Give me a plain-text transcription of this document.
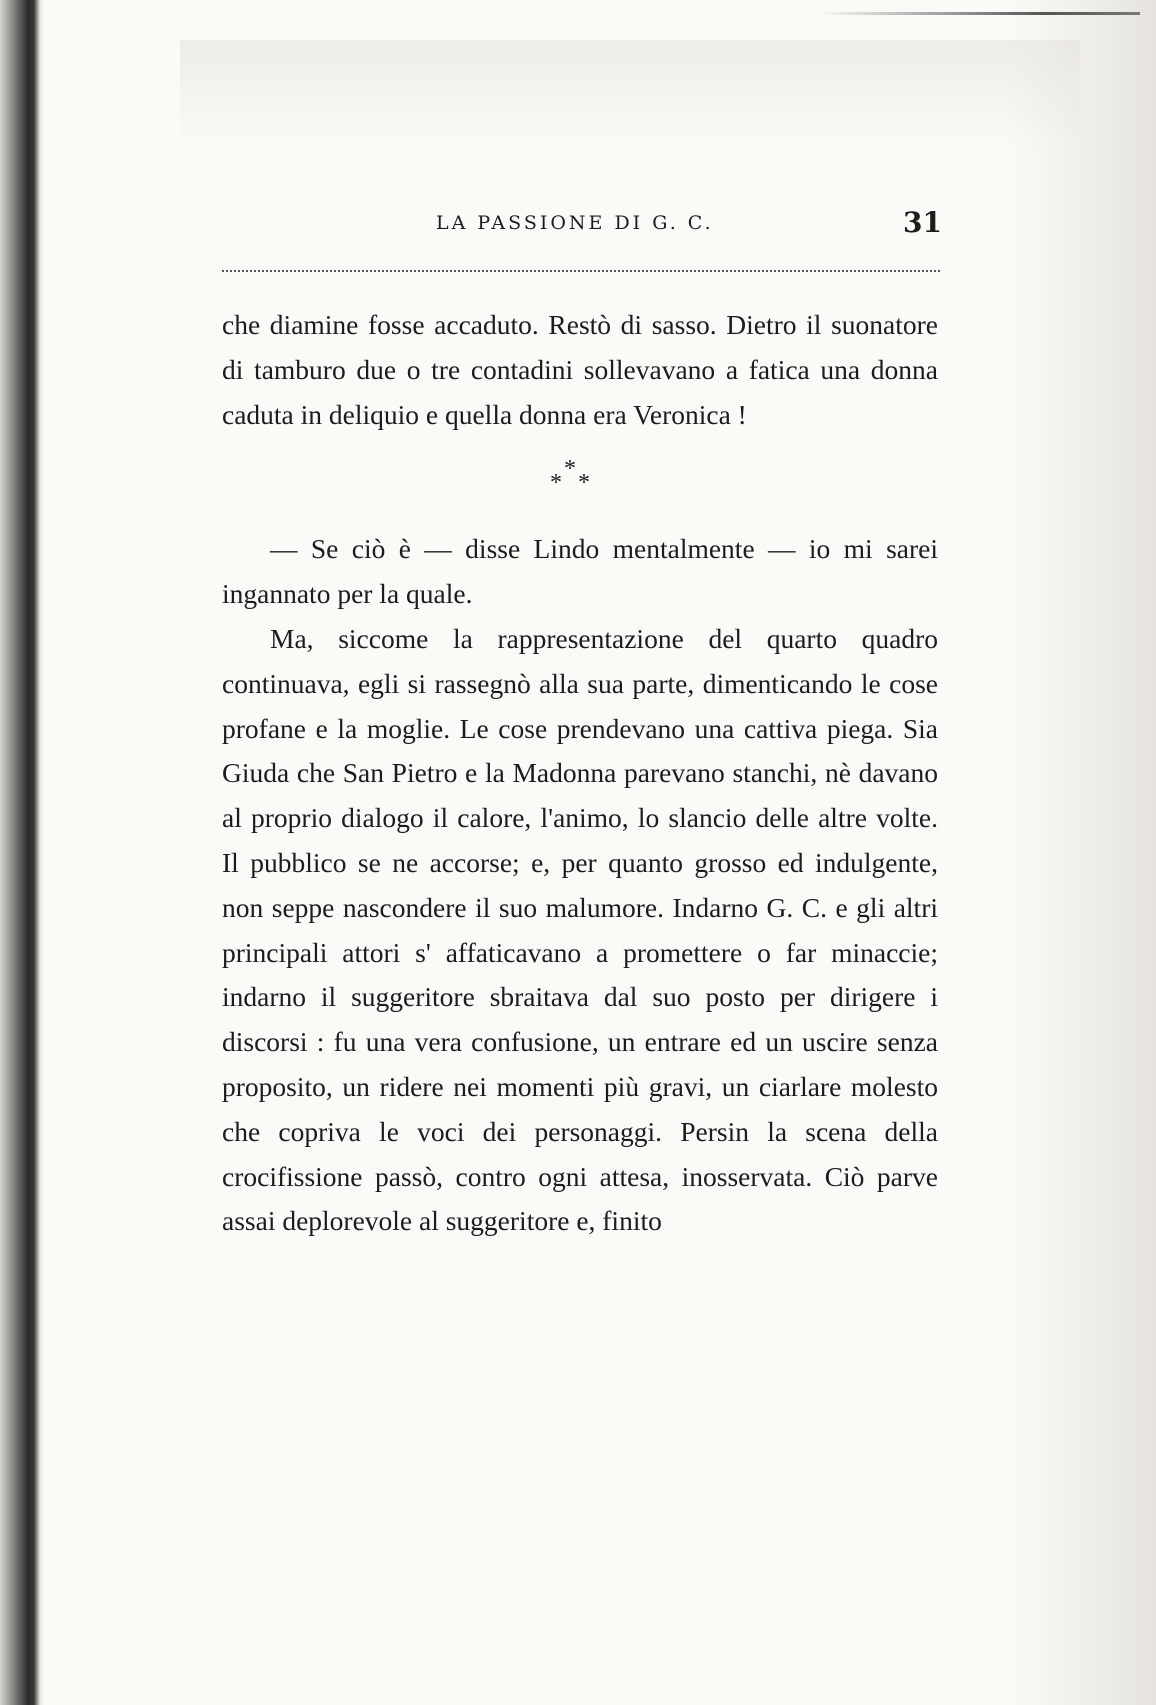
LA PASSIONE DI G. C.	31

che diamine fosse accaduto. Restò di sasso. Dietro il suonatore di tamburo due o tre contadini sollevavano a fatica una donna caduta in deliquio e quella donna era Veronica !

*
* *

— Se ciò è — disse Lindo mentalmente — io mi sarei ingannato per la quale.

Ma, siccome la rappresentazione del quarto quadro continuava, egli si rassegnò alla sua parte, dimenticando le cose profane e la moglie. Le cose prendevano una cattiva piega. Sia Giuda che San Pietro e la Madonna parevano stanchi, nè davano al proprio dialogo il calore, l'animo, lo slancio delle altre volte. Il pubblico se ne accorse; e, per quanto grosso ed indulgente, non seppe nascondere il suo malumore. Indarno G. C. e gli altri principali attori s' affaticavano a promettere o far minaccie; indarno il suggeritore sbraitava dal suo posto per dirigere i discorsi : fu una vera confusione, un entrare ed un uscire senza proposito, un ridere nei momenti più gravi, un ciarlare molesto che copriva le voci dei personaggi. Persin la scena della crocifissione passò, contro ogni attesa, inosservata. Ciò parve assai deplorevole al suggeritore e, finito
